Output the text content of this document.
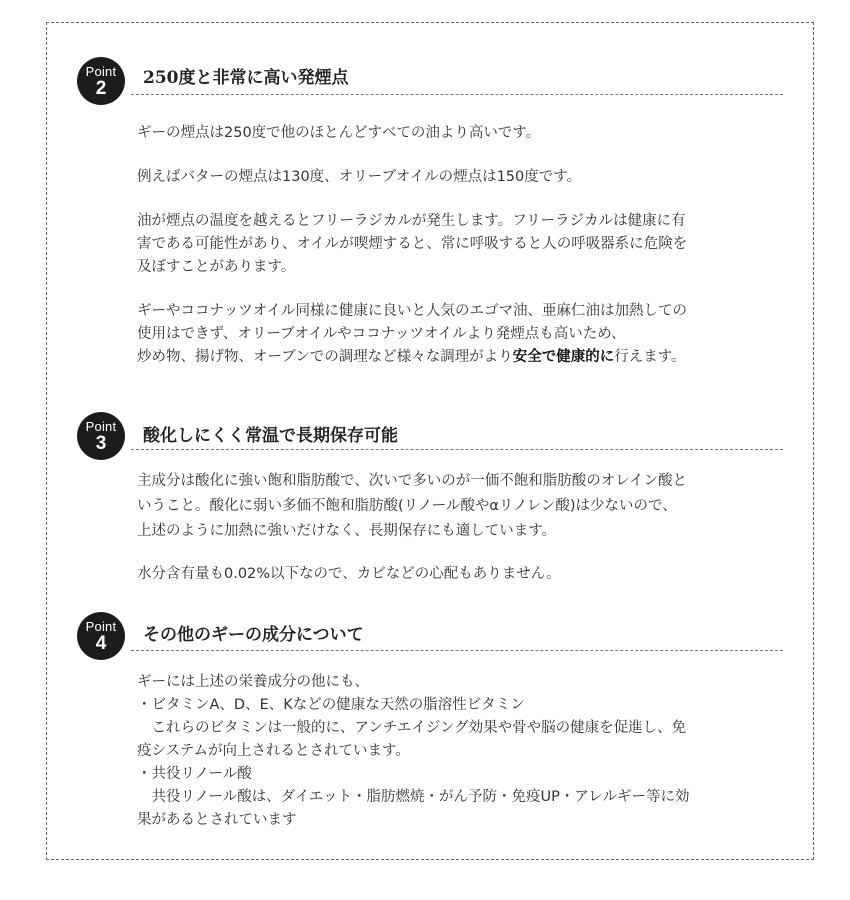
Point
2	250度と非常に高い発煙点

ギーの煙点は250度で他のほとんどすべての油より高いです。

例えばバターの煙点は130度、オリーブオイルの煙点は150度です。

油が煙点の温度を越えるとフリーラジカルが発生します。フリーラジカルは健康に有

害である可能性があり、オイルが喫煙すると、常に呼吸すると人の呼吸器系に危険を

及ぼすことがあります。

ギーやココナッツオイル同様に健康に良いと人気のエゴマ油、亜麻仁油は加熱しての

使用はできず、オリーブオイルやココナッツオイルより発煙点も高いため、

炒め物、揚げ物、オーブンでの調理など様々な調理がより安全で健康的に行えます。

Point
3	酸化しにくく常温で長期保存可能

主成分は酸化に強い飽和脂肪酸で、次いで多いのが一価不飽和脂肪酸のオレイン酸と

いうこと。酸化に弱い多価不飽和脂肪酸(リノール酸やαリノレン酸)は少ないので、

上述のように加熱に強いだけなく、長期保存にも適しています。

水分含有量も0.02%以下なので、カビなどの心配もありません。

Point
4	その他のギーの成分について

ギーには上述の栄養成分の他にも、

・ビタミンA、D、E、Kなどの健康な天然の脂溶性ビタミン

　これらのビタミンは一般的に、アンチエイジング効果や骨や脳の健康を促進し、免

疫システムが向上されるとされています。

・共役リノール酸

　共役リノール酸は、ダイエット・脂肪燃焼・がん予防・免疫UP・アレルギー等に効

果があるとされています
